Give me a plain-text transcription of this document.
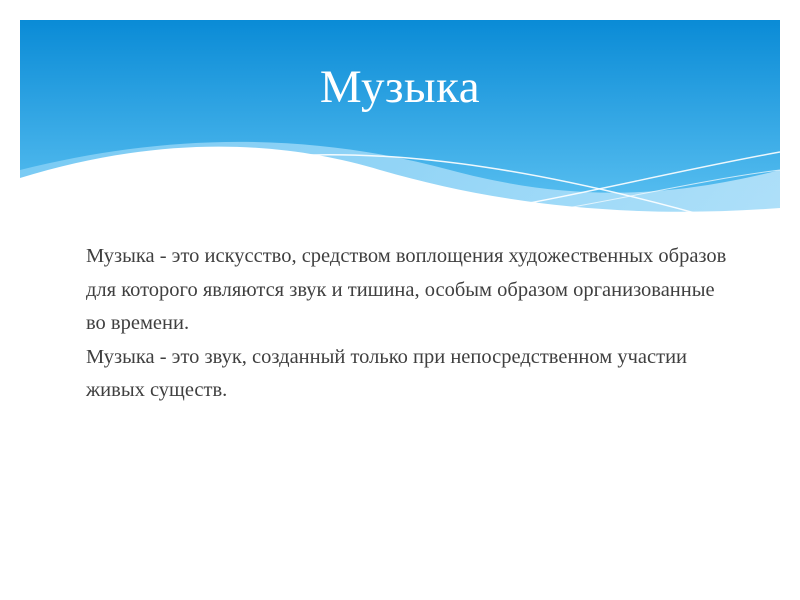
Музыка

Музыка - это искусство, средством воплощения художественных образов для которого являются звук и тишина, особым образом организованные во времени.

Музыка - это звук, созданный только при непосредственном участии живых существ.
